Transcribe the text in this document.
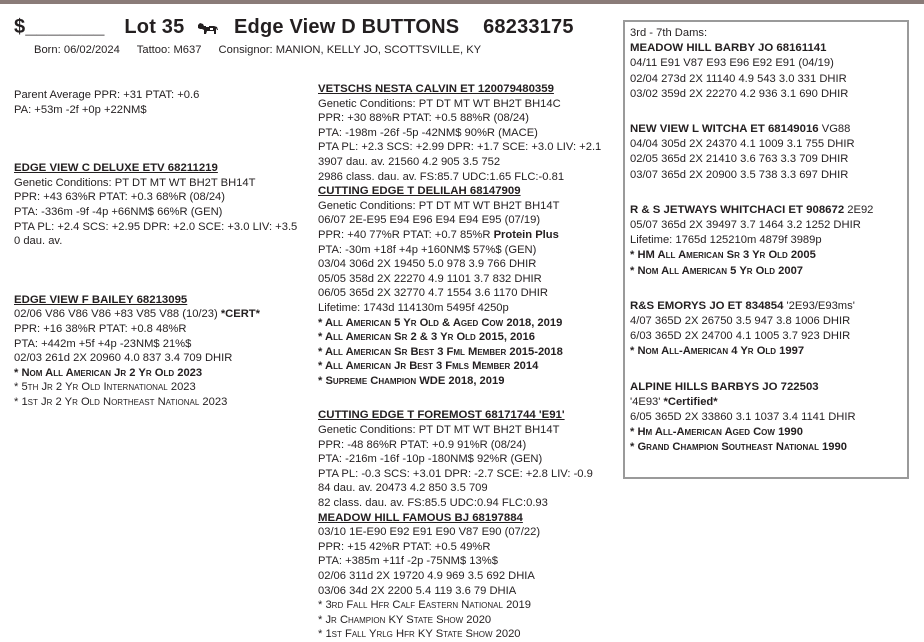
$_______ Lot 35 Edge View D BUTTONS 68233175
Born: 06/02/2024 Tattoo: M637 Consignor: MANION, KELLY JO, SCOTTSVILLE, KY

Parent Average PPR: +31 PTAT: +0.6

PA: +53m -2f +0p +22NM$

EDGE VIEW C DELUXE ETV 68211219

Genetic Conditions: PT DT MT WT BH2T BH14T

PPR: +43 63%R PTAT: +0.3 68%R (08/24)

PTA: -336m -9f -4p +66NM$ 66%R (GEN)

PTA PL: +2.4 SCS: +2.95 DPR: +2.0 SCE: +3.0 LIV: +3.5

0 dau. av.

EDGE VIEW F BAILEY 68213095

02/06 V86 V86 V86 +83 V85 V88 (10/23) *CERT*

PPR: +16 38%R PTAT: +0.8 48%R

PTA: +442m +5f +4p -23NM$ 21%$

02/03 261d 2X 20960 4.0 837 3.4 709 DHIR

* Nom All American Jr 2 Yr Old 2023

* 5th Jr 2 Yr Old International 2023

* 1st Jr 2 Yr Old Northeast National 2023

VETSCHS NESTA CALVIN ET 120079480359

Genetic Conditions: PT DT MT WT BH2T BH14C

PPR: +30 88%R PTAT: +0.5 88%R (08/24)

PTA: -198m -26f -5p -42NM$ 90%R (MACE)

PTA PL: +2.3 SCS: +2.99 DPR: +1.7 SCE: +3.0 LIV: +2.1

3907 dau. av. 21560 4.2 905 3.5 752

2986 class. dau. av. FS:85.7 UDC:1.65 FLC:-0.81

CUTTING EDGE T DELILAH 68147909

Genetic Conditions: PT DT MT WT BH2T BH14T

06/07 2E-E95 E94 E96 E94 E94 E95 (07/19)

PPR: +40 77%R PTAT: +0.7 85%R Protein Plus

PTA: -30m +18f +4p +160NM$ 57%$ (GEN)

03/04 306d 2X 19450 5.0 978 3.9 766 DHIR

05/05 358d 2X 22270 4.9 1101 3.7 832 DHIR

06/05 365d 2X 32770 4.7 1554 3.6 1170 DHIR

Lifetime: 1743d 114130m 5495f 4250p

* All American 5 Yr Old & Aged Cow 2018, 2019

* All American Sr 2 & 3 Yr Old 2015, 2016

* All American Sr Best 3 Fml Member 2015-2018

* All American Jr Best 3 Fmls Member 2014

* Supreme Champion WDE 2018, 2019

CUTTING EDGE T FOREMOST 68171744 'E91'

Genetic Conditions: PT DT MT WT BH2T BH14T

PPR: -48 86%R PTAT: +0.9 91%R (08/24)

PTA: -216m -16f -10p -180NM$ 92%R (GEN)

PTA PL: -0.3 SCS: +3.01 DPR: -2.7 SCE: +2.8 LIV: -0.9

84 dau. av. 20473 4.2 850 3.5 709

82 class. dau. av. FS:85.5 UDC:0.94 FLC:0.93

MEADOW HILL FAMOUS BJ 68197884

03/10 1E-E90 E92 E91 E90 V87 E90 (07/22)

PPR: +15 42%R PTAT: +0.5 49%R

PTA: +385m +11f -2p -75NM$ 13%$

02/06 311d 2X 19720 4.9 969 3.5 692 DHIA

03/06 34d 2X 2200 5.4 119 3.6 79 DHIA

* 3rd Fall Hfr Calf Eastern National 2019

* Jr Champion KY State Show 2020

* 1st Fall Yrlg Hfr KY State Show 2020

3rd - 7th Dams:

MEADOW HILL BARBY JO 68161141

04/11 E91 V87 E93 E96 E92 E91 (04/19)

02/04 273d 2X 11140 4.9 543 3.0 331 DHIR

03/02 359d 2X 22270 4.2 936 3.1 690 DHIR

NEW VIEW L WITCHA ET 68149016 VG88

04/04 305d 2X 24370 4.1 1009 3.1 755 DHIR

02/05 365d 2X 21410 3.6 763 3.3 709 DHIR

03/07 365d 2X 20900 3.5 738 3.3 697 DHIR

R & S JETWAYS WHITCHACI ET 908672 2E92

05/07 365d 2X 39497 3.7 1464 3.2 1252 DHIR

Lifetime: 1765d 125210m 4879f 3989p

* HM All American Sr 3 Yr Old 2005

* Nom All American 5 Yr Old 2007

R&S EMORYS JO ET 834854 '2E93/E93ms'

4/07 365D 2X 26750 3.5 947 3.8 1006 DHIR

6/03 365D 2X 24700 4.1 1005 3.7 923 DHIR

* Nom All-American 4 Yr Old 1997

ALPINE HILLS BARBYS JO 722503

'4E93' *Certified*

6/05 365D 2X 33860 3.1 1037 3.4 1141 DHIR

* Hm All-American Aged Cow 1990

* Grand Champion Southeast National 1990
